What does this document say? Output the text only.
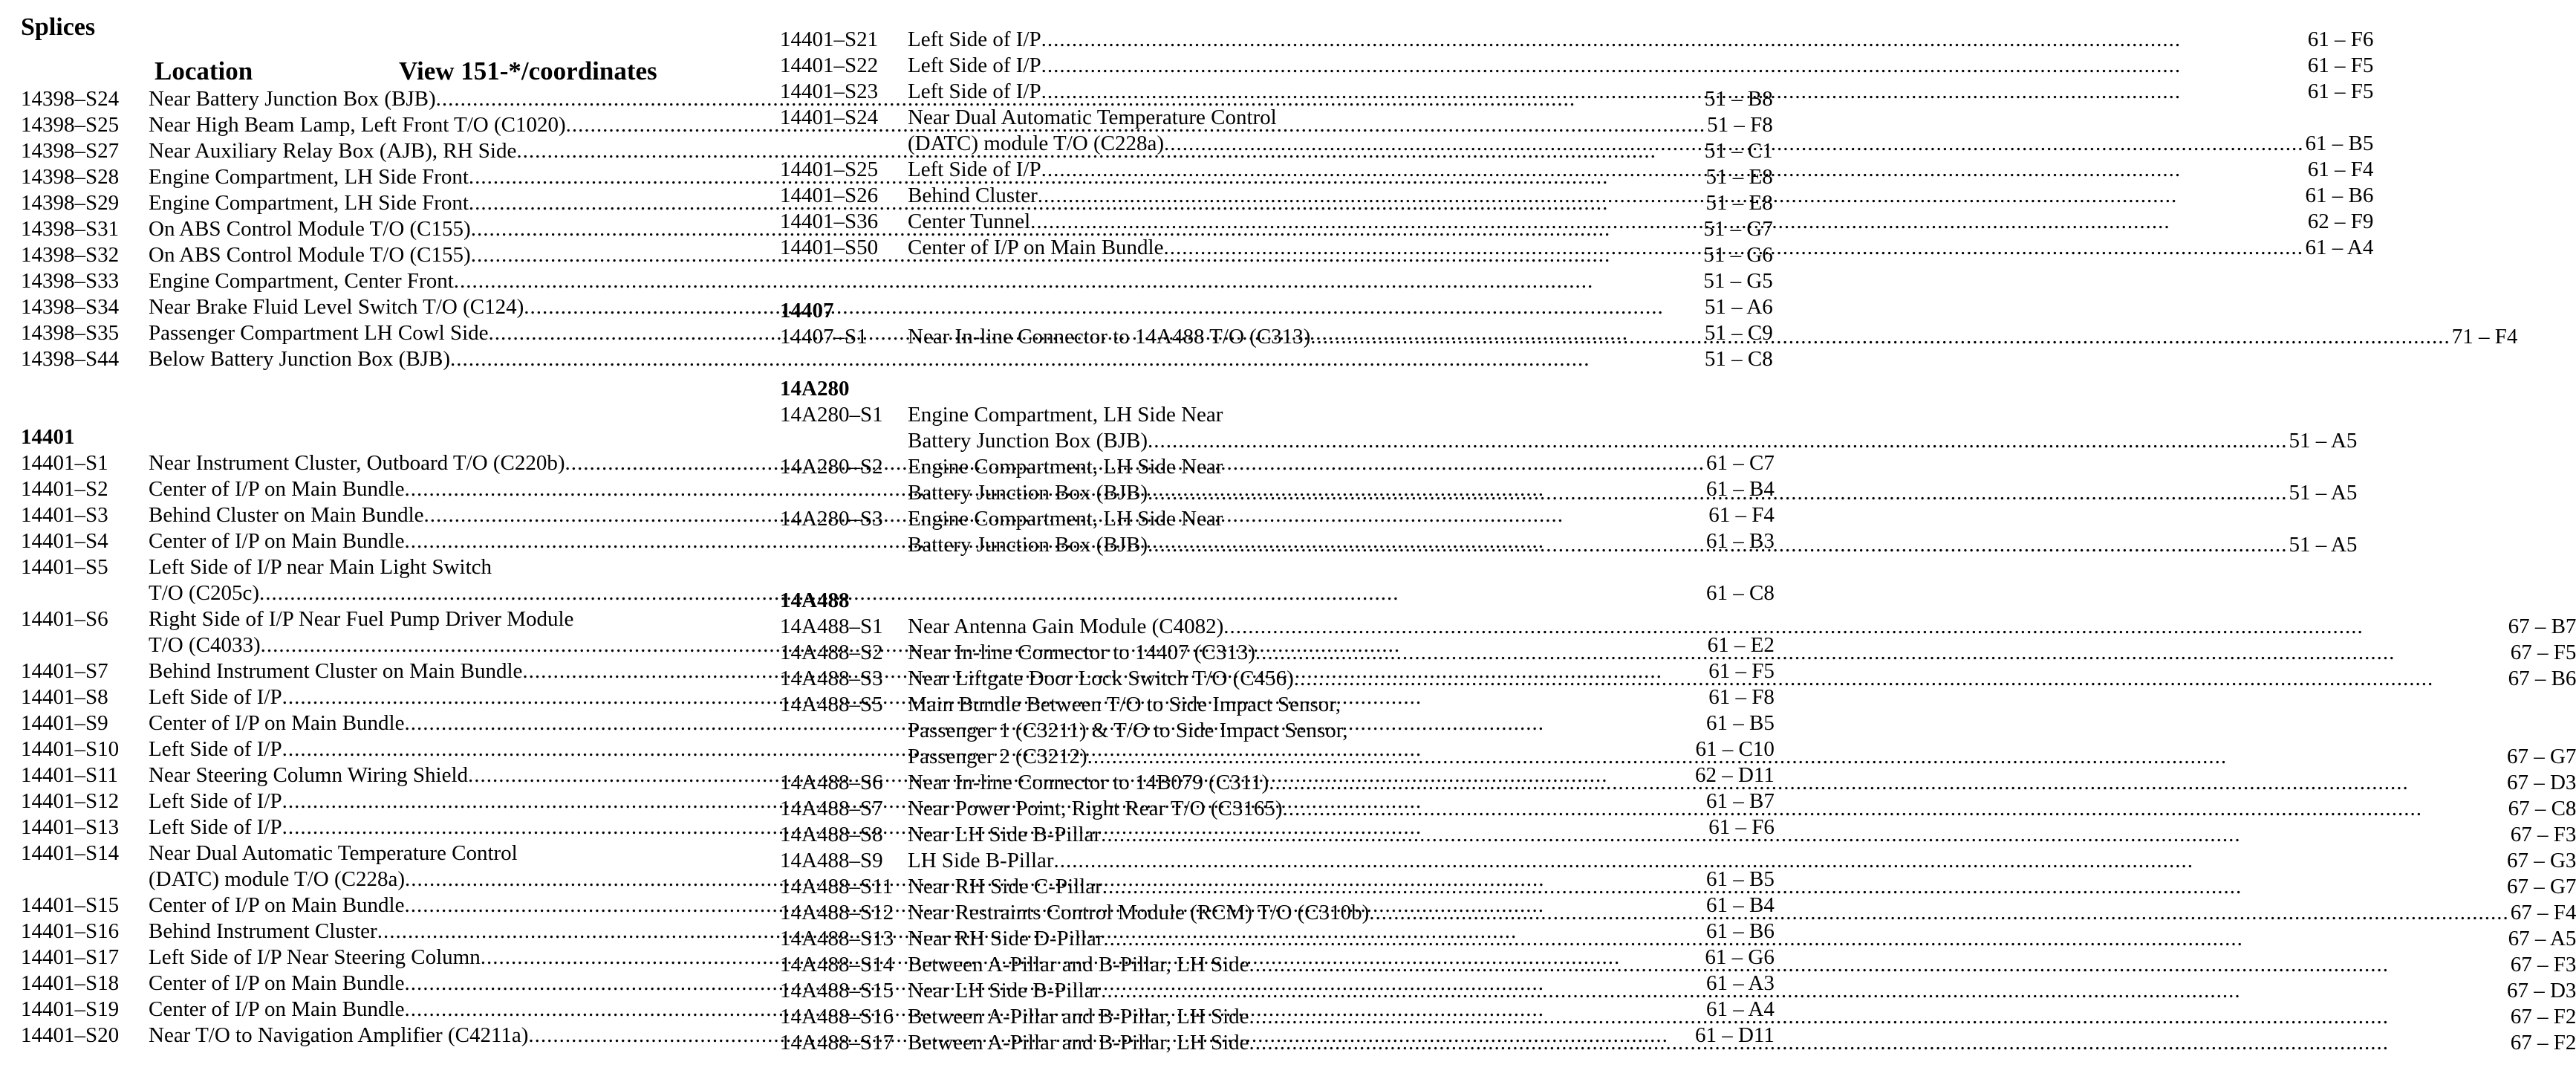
Splices
Location	View 151-*/coordinates
14398–S24	Near Battery Junction Box (BJB) .....	51 – B8
14398–S25	Near High Beam Lamp, Left Front T/O (C1020) .....	51 – F8
14398–S27	Near Auxiliary Relay Box (AJB), RH Side .....	51 – C1
14398–S28	Engine Compartment, LH Side Front .....	51 – E8
14398–S29	Engine Compartment, LH Side Front .....	51 – E8
14398–S31	On ABS Control Module T/O (C155) .....	51 – G7
14398–S32	On ABS Control Module T/O (C155) .....	51 – G6
14398–S33	Engine Compartment, Center Front .....	51 – G5
14398–S34	Near Brake Fluid Level Switch T/O (C124) .....	51 – A6
14398–S35	Passenger Compartment LH Cowl Side .....	51 – C9
14398–S44	Below Battery Junction Box (BJB) .....	51 – C8
14401
14401–S1	Near Instrument Cluster, Outboard T/O (C220b) .....	61 – C7
14401–S2	Center of I/P on Main Bundle .....	61 – B4
14401–S3	Behind Cluster on Main Bundle .....	61 – F4
14401–S4	Center of I/P on Main Bundle .....	61 – B3
14401–S5	Left Side of I/P near Main Light Switch
T/O (C205c) .....	61 – C8
14401–S6	Right Side of I/P Near Fuel Pump Driver Module
T/O (C4033) .....	61 – E2
14401–S7	Behind Instrument Cluster on Main Bundle .....	61 – F5
14401–S8	Left Side of I/P .....	61 – F8
14401–S9	Center of I/P on Main Bundle .....	61 – B5
14401–S10	Left Side of I/P .....	61 – C10
14401–S11	Near Steering Column Wiring Shield .....	62 – D11
14401–S12	Left Side of I/P .....	61 – B7
14401–S13	Left Side of I/P .....	61 – F6
14401–S14	Near Dual Automatic Temperature Control
(DATC) module T/O (C228a) .....	61 – B5
14401–S15	Center of I/P on Main Bundle .....	61 – B4
14401–S16	Behind Instrument Cluster .....	61 – B6
14401–S17	Left Side of I/P Near Steering Column .....	61 – G6
14401–S18	Center of I/P on Main Bundle .....	61 – A3
14401–S19	Center of I/P on Main Bundle .....	61 – A4
14401–S20	Near T/O to Navigation Amplifier (C4211a) .....	61 – D11
14401–S21	Left Side of I/P .....	61 – F6
14401–S22	Left Side of I/P .....	61 – F5
14401–S23	Left Side of I/P .....	61 – F5
14401–S24	Near Dual Automatic Temperature Control
(DATC) module T/O (C228a) .....	61 – B5
14401–S25	Left Side of I/P .....	61 – F4
14401–S26	Behind Cluster .....	61 – B6
14401–S36	Center Tunnel .....	62 – F9
14401–S50	Center of I/P on Main Bundle .....	61 – A4
14407
14407–S1	Near In-line Connector to 14A488 T/O (C313) .....	71 – F4
14A280
14A280–S1	Engine Compartment, LH Side Near
Battery Junction Box (BJB) .....	51 – A5
14A280–S2	Engine Compartment, LH Side Near
Battery Junction Box (BJB) .....	51 – A5
14A280–S3	Engine Compartment, LH Side Near
Battery Junction Box (BJB) .....	51 – A5
14A488
14A488–S1	Near Antenna Gain Module (C4082) .....	67 – B7
14A488–S2	Near In-line Connector to 14407 (C313) .....	67 – F5
14A488–S3	Near Liftgate Door Lock Switch T/O (C456) .....	67 – B6
14A488–S5	Main Bundle Between T/O to Side Impact Sensor,
Passenger 1 (C3211) & T/O to Side Impact Sensor,
Passenger 2 (C3212) .....	67 – G7
14A488–S6	Near In-line Connector to 14B079 (C311) .....	67 – D3
14A488–S7	Near Power Point, Right Rear T/O (C3165) .....	67 – C8
14A488–S8	Near LH Side B-Pillar .....	67 – F3
14A488–S9	LH Side B-Pillar .....	67 – G3
14A488–S11 Near RH Side C-Pillar .....	67 – G7
14A488–S12 Near Restraints Control Module (RCM) T/O (C310b) .....	67 – F4
14A488–S13 Near RH Side D-Pillar .....	67 – A5
14A488–S14 Between A-Pillar and B-Pillar, LH Side .....	67 – F3
14A488–S15 Near LH Side B-Pillar .....	67 – D3
14A488–S16 Between A-Pillar and B-Pillar, LH Side .....	67 – F2
14A488–S17 Between A-Pillar and B-Pillar, LH Side .....	67 – F2
